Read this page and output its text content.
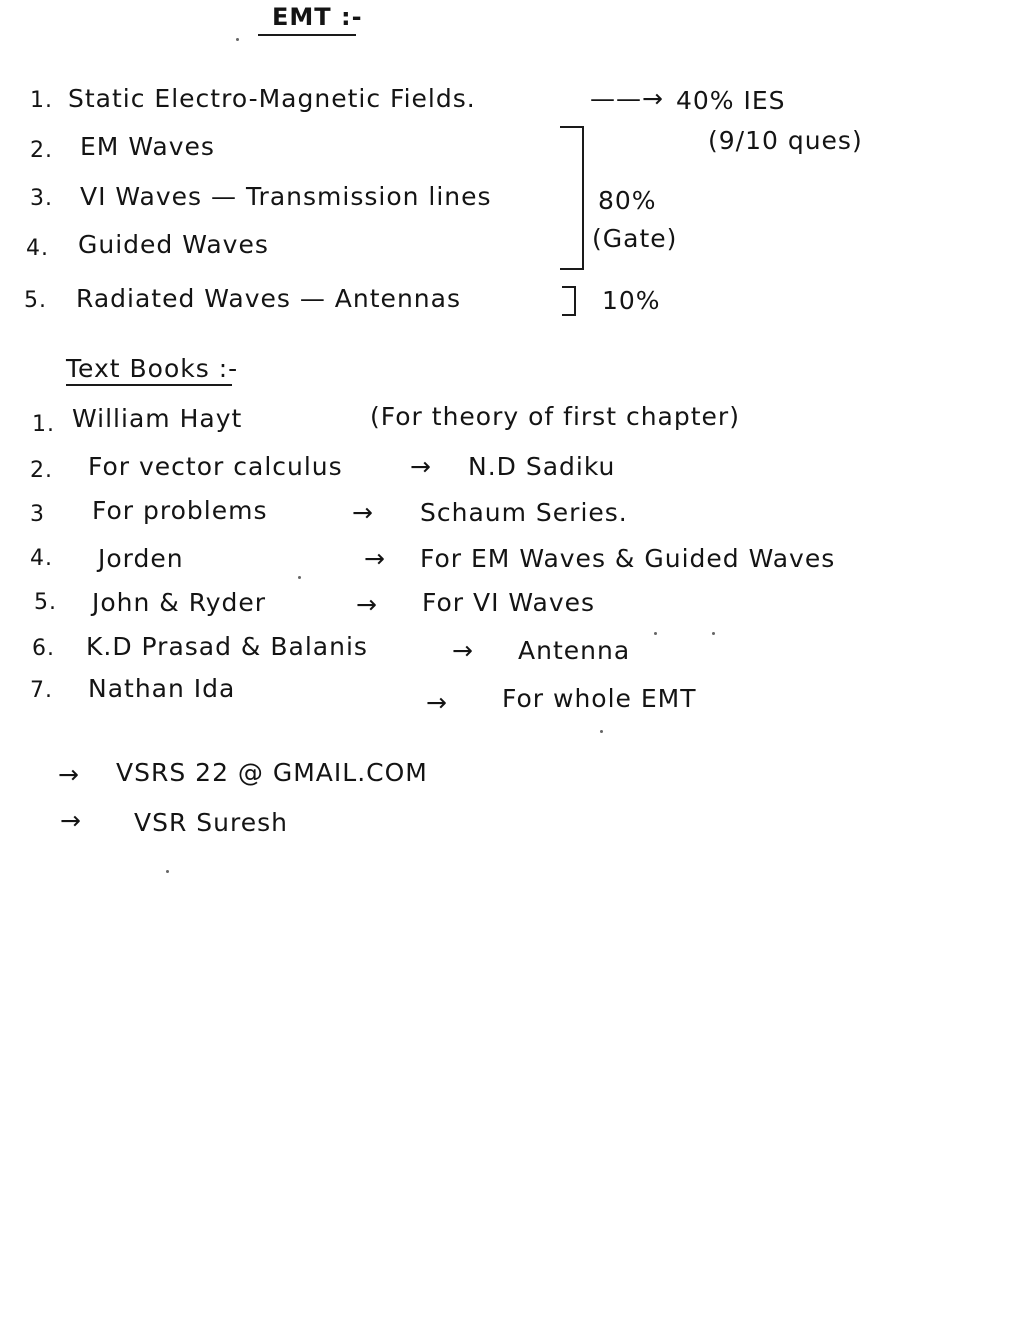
EMT :-
1. Static Electro-Magnetic Fields.
2. EM Waves
3. VI Waves — Transmission lines
4. Guided Waves
5. Radiated Waves — Antennas
——→ 40% IES
(9/10 ques)
80%
(Gate)
10%
Text Books :-
1. William Hayt	(For theory of first chapter)
2. For vector calculus	→ N.D Sadiku
3 For problems	→ Schaum Series.
4. Jorden	→ For EM Waves & Guided Waves
5. John & Ryder	→ For VI Waves
6. K.D Prasad & Balanis	→ Antenna
7. Nathan Ida	→ For whole EMT
→ VSRS 22 @ GMAIL.COM
→ VSR Suresh
